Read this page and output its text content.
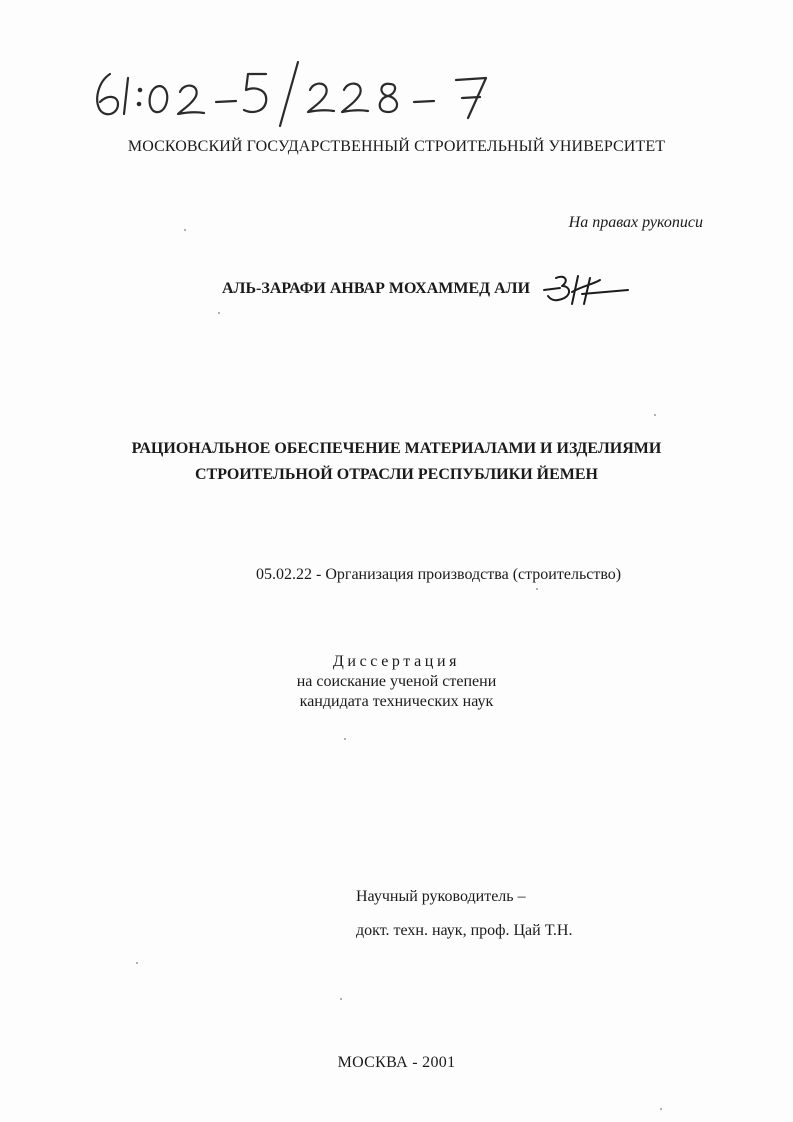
МОСКОВСКИЙ ГОСУДАРСТВЕННЫЙ СТРОИТЕЛЬНЫЙ УНИВЕРСИТЕТ
На правах рукописи
АЛЬ-ЗАРАФИ АНВАР МОХАММЕД АЛИ
РАЦИОНАЛЬНОЕ ОБЕСПЕЧЕНИЕ МАТЕРИАЛАМИ И ИЗДЕЛИЯМИ
СТРОИТЕЛЬНОЙ ОТРАСЛИ РЕСПУБЛИКИ ЙЕМЕН
05.02.22 - Организация производства (строительство)
Диссертация
на соискание ученой степени
кандидата технических наук
Научный руководитель –
докт. техн. наук, проф. Цай Т.Н.
МОСКВА - 2001
